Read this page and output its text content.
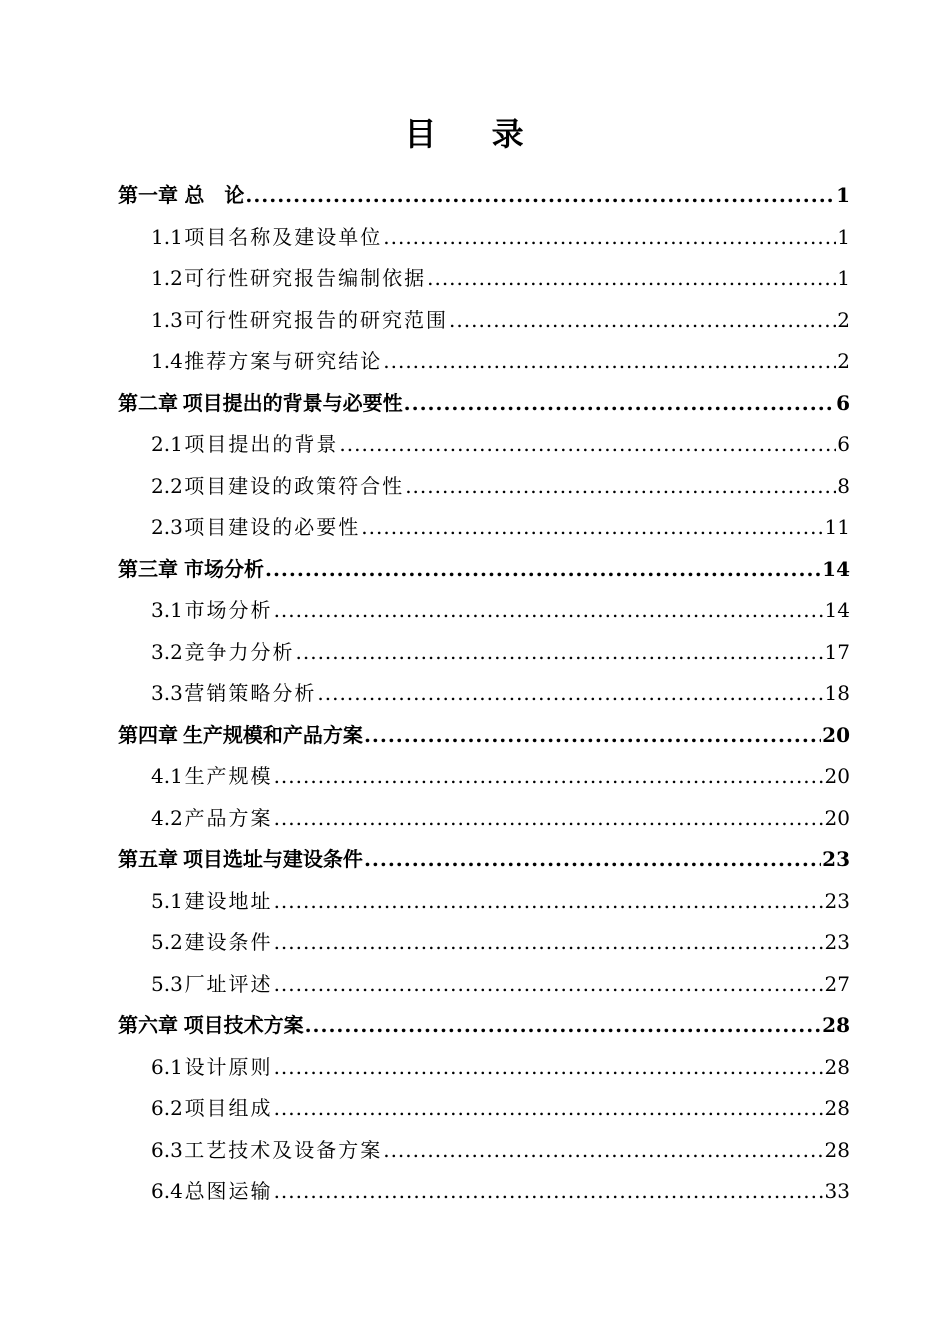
目 录
第一章 总　论 .....	1
1.1 项目名称及建设单位 .....	1
1.2 可行性研究报告编制依据 .....	1
1.3 可行性研究报告的研究范围 .....	2
1.4 推荐方案与研究结论 .....	2
第二章 项目提出的背景与必要性 .....	6
2.1 项目提出的背景 .....	6
2.2 项目建设的政策符合性 .....	8
2.3 项目建设的必要性 .....	11
第三章 市场分析 .....	14
3.1 市场分析 .....	14
3.2 竞争力分析 .....	17
3.3 营销策略分析 .....	18
第四章 生产规模和产品方案 .....	20
4.1 生产规模 .....	20
4.2 产品方案 .....	20
第五章 项目选址与建设条件 .....	23
5.1 建设地址 .....	23
5.2 建设条件 .....	23
5.3 厂址评述 .....	27
第六章 项目技术方案 .....	28
6.1 设计原则 .....	28
6.2 项目组成 .....	28
6.3 工艺技术及设备方案 .....	28
6.4 总图运输 .....	33
